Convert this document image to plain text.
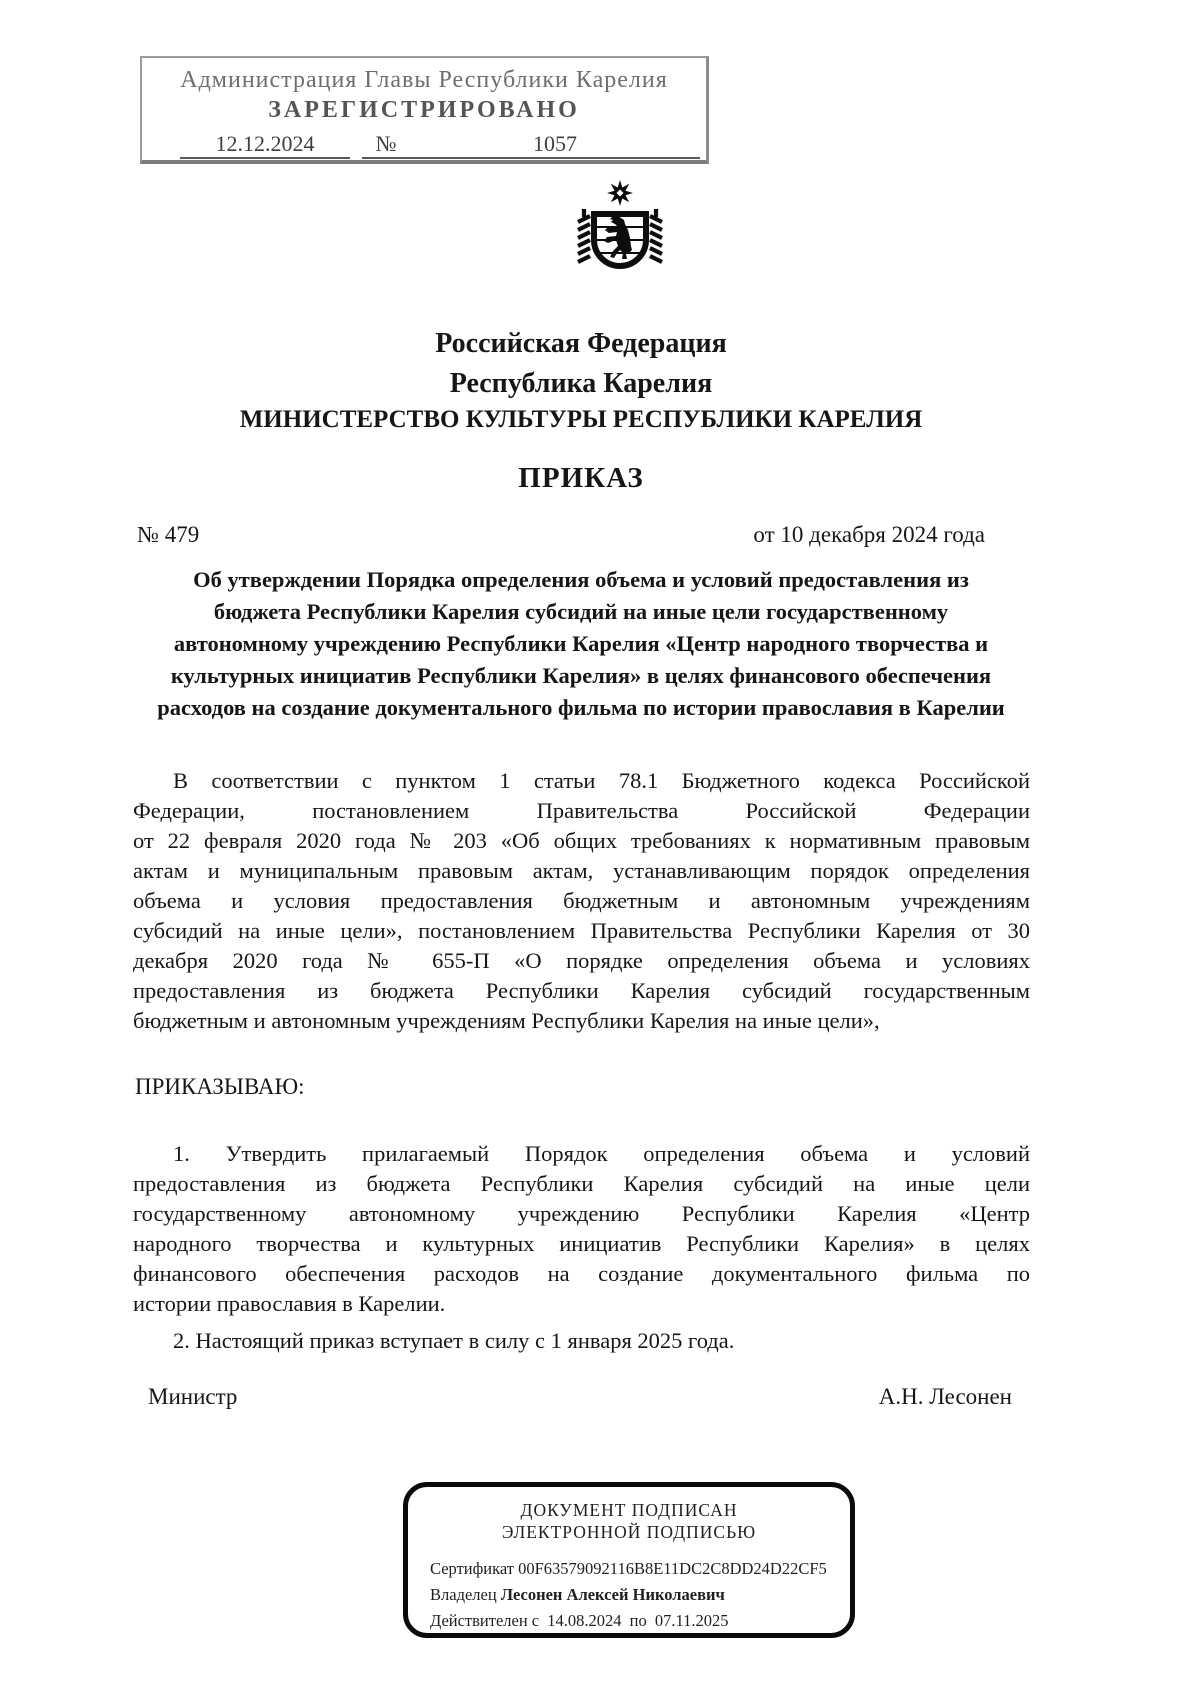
Администрация Главы Республики Карелия
ЗАРЕГИСТРИРОВАНО
12.12.2024	№	1057
Российская Федерация
Республика Карелия
МИНИСТЕРСТВО КУЛЬТУРЫ РЕСПУБЛИКИ КАРЕЛИЯ
ПРИКАЗ
№ 479	от 10 декабря 2024 года
Об утверждении Порядка определения объема и условий предоставления из
бюджета Республики Карелия субсидий на иные цели государственному
автономному учреждению Республики Карелия «Центр народного творчества и
культурных инициатив Республики Карелия» в целях финансового обеспечения
расходов на создание документального фильма по истории православия в Карелии
В соответствии с пунктом 1 статьи 78.1 Бюджетного кодекса Российской
Федерации, постановлением Правительства Российской Федерации
от 22 февраля 2020 года № 203 «Об общих требованиях к нормативным правовым
актам и муниципальным правовым актам, устанавливающим порядок определения
объема и условия предоставления бюджетным и автономным учреждениям
субсидий на иные цели», постановлением Правительства Республики Карелия от 30
декабря 2020 года № 655-П «О порядке определения объема и условиях
предоставления из бюджета Республики Карелия субсидий государственным
бюджетным и автономным учреждениям Республики Карелия на иные цели»,
ПРИКАЗЫВАЮ:
1. Утвердить прилагаемый Порядок определения объема и условий
предоставления из бюджета Республики Карелия субсидий на иные цели
государственному автономному учреждению Республики Карелия «Центр
народного творчества и культурных инициатив Республики Карелия» в целях
финансового обеспечения расходов на создание документального фильма по
истории православия в Карелии.
2. Настоящий приказ вступает в силу с 1 января 2025 года.
Министр	А.Н. Лесонен
ДОКУМЕНТ ПОДПИСАН
ЭЛЕКТРОННОЙ ПОДПИСЬЮ
Сертификат 00F63579092116B8E11DC2C8DD24D22CF5
Владелец Лесонен Алексей Николаевич
Действителен с 14.08.2024 по 07.11.2025
